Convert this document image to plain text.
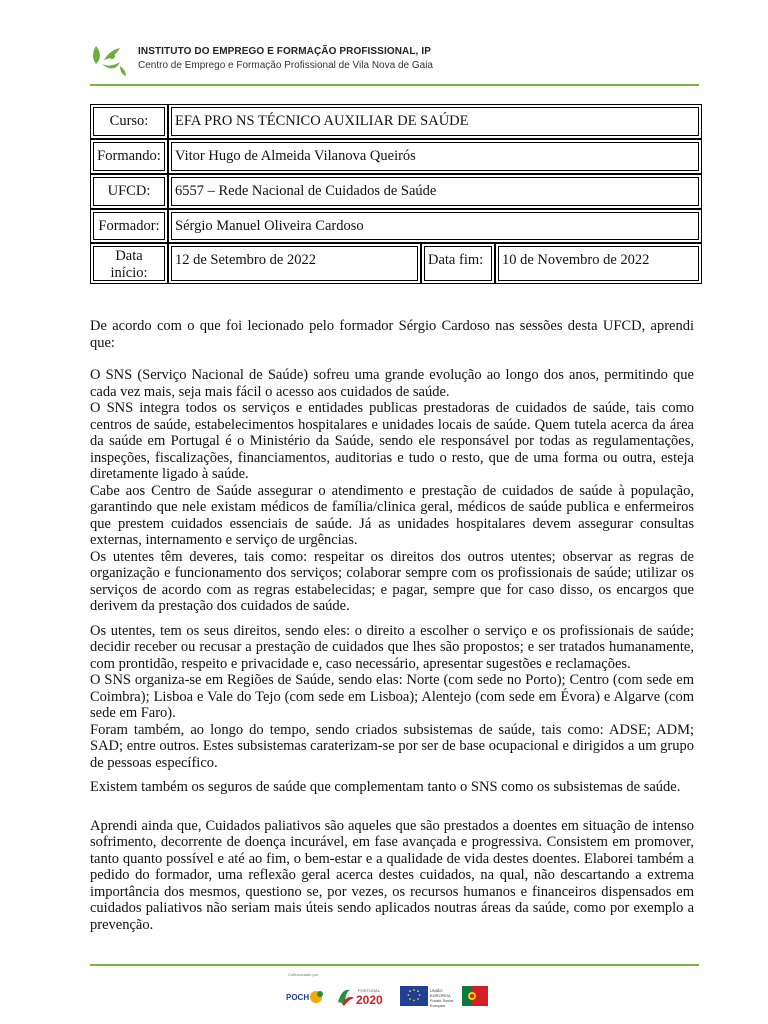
INSTITUTO DO EMPREGO E FORMAÇÃO PROFISSIONAL, IP
Centro de Emprego e Formação Profissional de Vila Nova de Gaia
Curso:	EFA PRO NS TÉCNICO AUXILIAR DE SAÚDE
Formando: Vitor Hugo de Almeida Vilanova Queirós
UFCD:	6557 – Rede Nacional de Cuidados de Saúde
Formador:	Sérgio Manuel Oliveira Cardoso
Data
início:
12 de Setembro de 2022	Data fim:	10 de Novembro de 2022

De acordo com o que foi lecionado pelo formador Sérgio Cardoso nas sessões desta UFCD, aprendi que:

O SNS (Serviço Nacional de Saúde) sofreu uma grande evolução ao longo dos anos, permitindo que cada vez mais, seja mais fácil o acesso aos cuidados de saúde.

O SNS integra todos os serviços e entidades publicas prestadoras de cuidados de saúde, tais como centros de saúde, estabelecimentos hospitalares e unidades locais de saúde. Quem tutela acerca da área da saúde em Portugal é o Ministério da Saúde, sendo ele responsável por todas as regulamentações, inspeções, fiscalizações, financiamentos, auditorias e tudo o resto, que de uma forma ou outra, esteja diretamente ligado à saúde.

Cabe aos Centro de Saúde assegurar o atendimento e prestação de cuidados de saúde à população, garantindo que nele existam médicos de família/clinica geral, médicos de saúde publica e enfermeiros que prestem cuidados essenciais de saúde. Já as unidades hospitalares devem assegurar consultas externas, internamento e serviço de urgências.

Os utentes têm deveres, tais como: respeitar os direitos dos outros utentes; observar as regras de organização e funcionamento dos serviços; colaborar sempre com os profissionais de saúde; utilizar os serviços de acordo com as regras estabelecidas; e pagar, sempre que for caso disso, os encargos que derivem da prestação dos cuidados de saúde.

Os utentes, tem os seus direitos, sendo eles: o direito a escolher o serviço e os profissionais de saúde; decidir receber ou recusar a prestação de cuidados que lhes são propostos; e ser tratados humanamente, com prontidão, respeito e privacidade e, caso necessário, apresentar sugestões e reclamações.

O SNS organiza-se em Regiões de Saúde, sendo elas: Norte (com sede no Porto); Centro (com sede em Coimbra); Lisboa e Vale do Tejo (com sede em Lisboa); Alentejo (com sede em Évora) e Algarve (com sede em Faro).

Foram também, ao longo do tempo, sendo criados subsistemas de saúde, tais como: ADSE; ADM; SAD; entre outros. Estes subsistemas caraterizam-se por ser de base ocupacional e dirigidos a um grupo de pessoas específico.

Existem também os seguros de saúde que complementam tanto o SNS como os subsistemas de saúde.

Aprendi ainda que, Cuidados paliativos são aqueles que são prestados a doentes em situação de intenso sofrimento, decorrente de doença incurável, em fase avançada e progressiva. Consistem em promover, tanto quanto possível e até ao fim, o bem-estar e a qualidade de vida destes doentes. Elaborei também a pedido do formador, uma reflexão geral acerca destes cuidados, na qual, não descartando a extrema importância dos mesmos, questiono se, por vezes, os recursos humanos e financeiros dispensados em cuidados paliativos não seriam mais úteis sendo aplicados noutras áreas da saúde, como por exemplo a prevenção.

Cofinanciado por
POCH
PORTUGAL
2020
UNIÃO EUROPEIA Fundo Social Europeu
